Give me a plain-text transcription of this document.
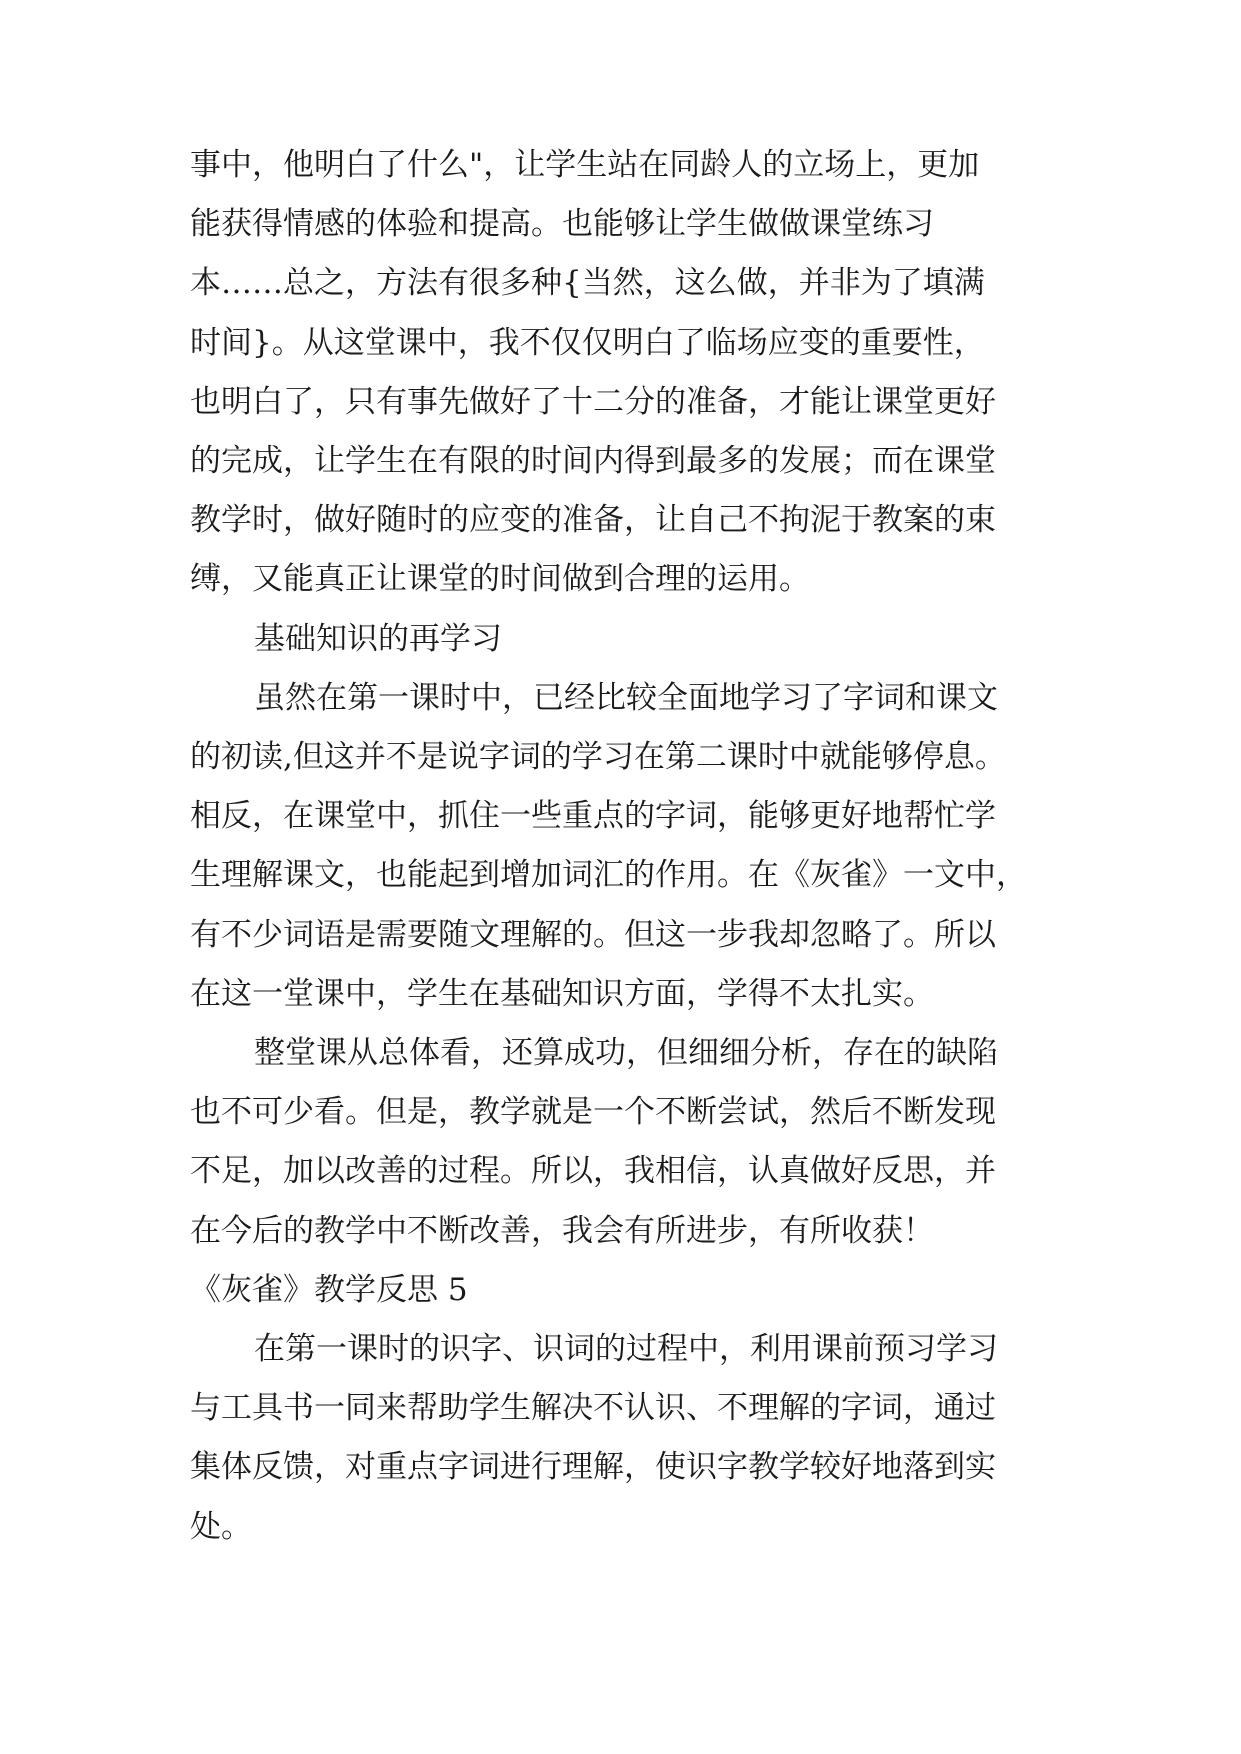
事中，他明白了什么"，让学生站在同龄人的立场上，更加
能获得情感的体验和提高。也能够让学生做做课堂练习
本……总之，方法有很多种{当然，这么做，并非为了填满
时间}。从这堂课中，我不仅仅明白了临场应变的重要性，
也明白了，只有事先做好了十二分的准备，才能让课堂更好
的完成，让学生在有限的时间内得到最多的发展；而在课堂
教学时，做好随时的应变的准备，让自己不拘泥于教案的束
缚，又能真正让课堂的时间做到合理的运用。
基础知识的再学习
虽然在第一课时中，已经比较全面地学习了字词和课文
的初读,但这并不是说字词的学习在第二课时中就能够停息。
相反，在课堂中，抓住一些重点的字词，能够更好地帮忙学
生理解课文，也能起到增加词汇的作用。在《灰雀》一文中，
有不少词语是需要随文理解的。但这一步我却忽略了。所以
在这一堂课中，学生在基础知识方面，学得不太扎实。
整堂课从总体看，还算成功，但细细分析，存在的缺陷
也不可少看。但是，教学就是一个不断尝试，然后不断发现
不足，加以改善的过程。所以，我相信，认真做好反思，并
在今后的教学中不断改善，我会有所进步，有所收获！
《灰雀》教学反思 5
在第一课时的识字、识词的过程中，利用课前预习学习
与工具书一同来帮助学生解决不认识、不理解的字词，通过
集体反馈，对重点字词进行理解，使识字教学较好地落到实
处。
